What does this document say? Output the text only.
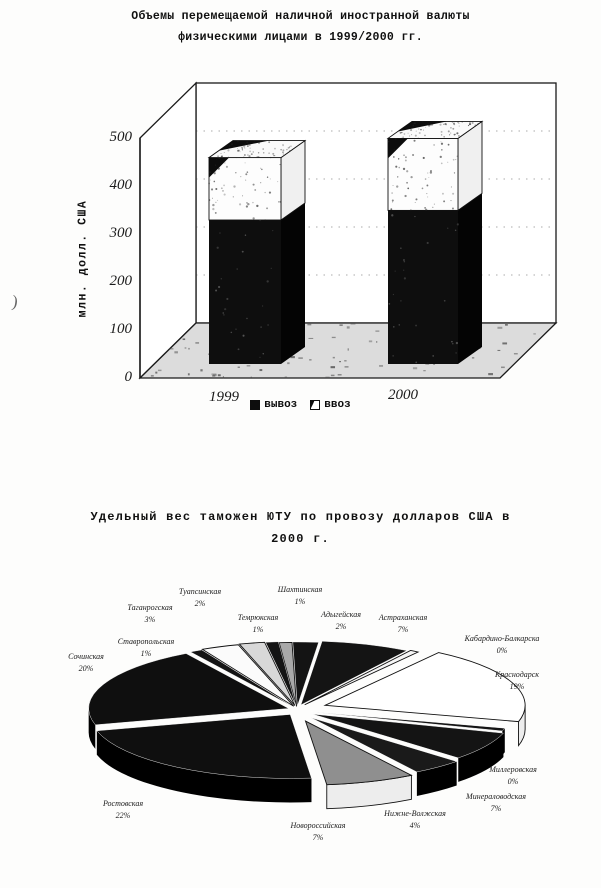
Объемы перемещаемой наличной иностранной валюты
физическими лицами в 1999/2000 гг.
)	млн. долл. США
0
100
200
300
400
500
1999	2000
вывоз ввоз
Удельный вес таможен ЮТУ по провозу долларов США в
2000 г.
Шахтинская
1%
Адыгейская
2%
Астраханская
7%
Кабардино-Балкарска
0%
Краснодарск
19%
Миллеровская
0%
Минераловодская
7%
Нижне-Волжская
4%
Новороссийская
7%
Ростовская
22%
Сочинская
20%
Ставропольская
1%
Таганрогская
3%
Туапсинская
2%
Темрюкская
1%
